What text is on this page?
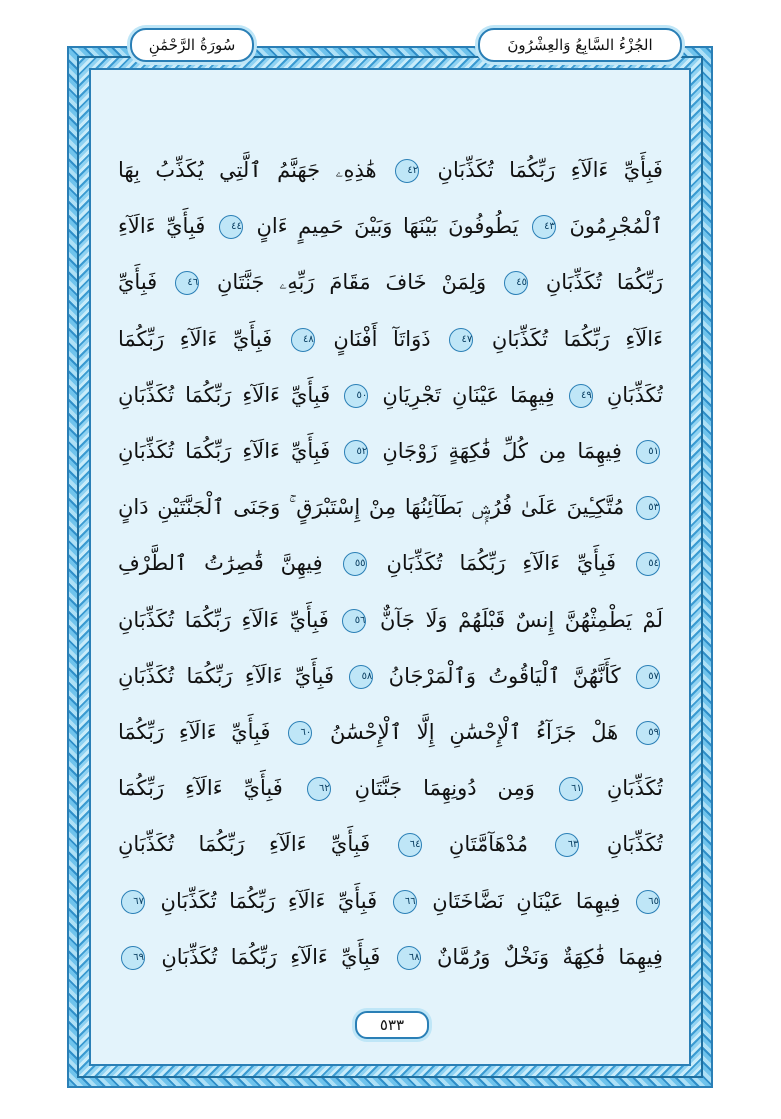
الجُزْءُ السَّابِعُ وَالعِشْرُونَ
سُورَةُ الرَّحْمَٰنِ
فَبِأَيِّ ءَالَآءِ رَبِّكُمَا تُكَذِّبَانِ ٤٢ هَٰذِهِۦ جَهَنَّمُ ٱلَّتِي يُكَذِّبُ بِهَا
ٱلْمُجْرِمُونَ ٤٣ يَطُوفُونَ بَيْنَهَا وَبَيْنَ حَمِيمٍ ءَانٍ ٤٤ فَبِأَيِّ ءَالَآءِ
رَبِّكُمَا تُكَذِّبَانِ ٤٥ وَلِمَنْ خَافَ مَقَامَ رَبِّهِۦ جَنَّتَانِ ٤٦ فَبِأَيِّ
ءَالَآءِ رَبِّكُمَا تُكَذِّبَانِ ٤٧ ذَوَاتَآ أَفْنَانٍ ٤٨ فَبِأَيِّ ءَالَآءِ رَبِّكُمَا
تُكَذِّبَانِ ٤٩ فِيهِمَا عَيْنَانِ تَجْرِيَانِ ٥٠ فَبِأَيِّ ءَالَآءِ رَبِّكُمَا تُكَذِّبَانِ
٥١ فِيهِمَا مِن كُلِّ فَٰكِهَةٍ زَوْجَانِ ٥٢ فَبِأَيِّ ءَالَآءِ رَبِّكُمَا تُكَذِّبَانِ
٥٣ مُتَّكِـِٔينَ عَلَىٰ فُرُشٍۭ بَطَآئِنُهَا مِنْ إِسْتَبْرَقٍ ۚ وَجَنَى ٱلْجَنَّتَيْنِ دَانٍ
٥٤ فَبِأَيِّ ءَالَآءِ رَبِّكُمَا تُكَذِّبَانِ ٥٥ فِيهِنَّ قَٰصِرَٰتُ ٱلطَّرْفِ
لَمْ يَطْمِثْهُنَّ إِنسٌ قَبْلَهُمْ وَلَا جَآنٌّ ٥٦ فَبِأَيِّ ءَالَآءِ رَبِّكُمَا تُكَذِّبَانِ
٥٧ كَأَنَّهُنَّ ٱلْيَاقُوتُ وَٱلْمَرْجَانُ ٥٨ فَبِأَيِّ ءَالَآءِ رَبِّكُمَا تُكَذِّبَانِ
٥٩ هَلْ جَزَآءُ ٱلْإِحْسَٰنِ إِلَّا ٱلْإِحْسَٰنُ ٦٠ فَبِأَيِّ ءَالَآءِ رَبِّكُمَا
تُكَذِّبَانِ ٦١ وَمِن دُونِهِمَا جَنَّتَانِ ٦٢ فَبِأَيِّ ءَالَآءِ رَبِّكُمَا
تُكَذِّبَانِ ٦٣ مُدْهَآمَّتَانِ ٦٤ فَبِأَيِّ ءَالَآءِ رَبِّكُمَا تُكَذِّبَانِ
٦٥ فِيهِمَا عَيْنَانِ نَضَّاخَتَانِ ٦٦ فَبِأَيِّ ءَالَآءِ رَبِّكُمَا تُكَذِّبَانِ ٦٧
فِيهِمَا فَٰكِهَةٌ وَنَخْلٌ وَرُمَّانٌ ٦٨ فَبِأَيِّ ءَالَآءِ رَبِّكُمَا تُكَذِّبَانِ ٦٩
٥٣٣
